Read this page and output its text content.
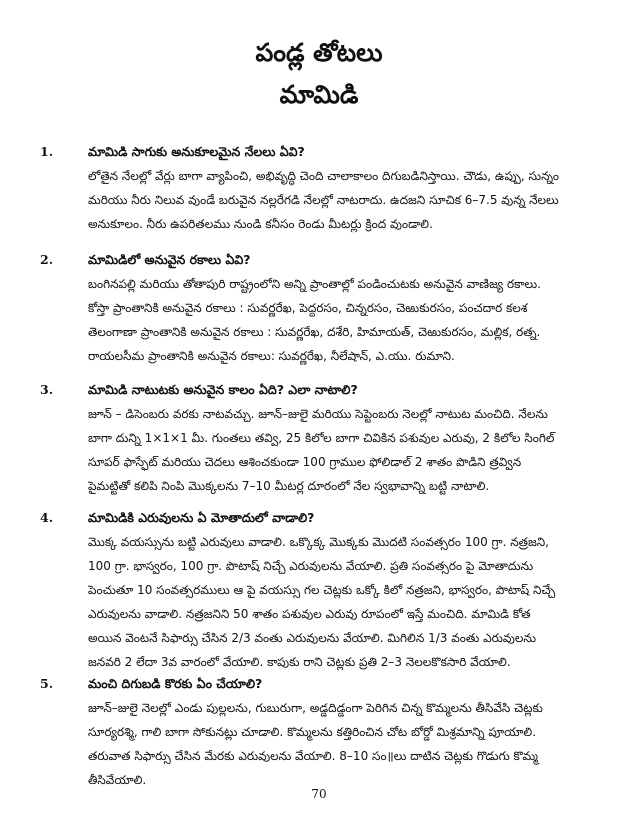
పండ్ల తోటలు
మామిడి
1.	మామిడి సాగుకు అనుకూలమైన నేలలు ఏవి?
లోతైన నేలల్లో వేర్లు బాగా వ్యాపించి, అభివృద్ధి చెంది చాలాకాలం దిగుబడినిస్తాయి. చౌడు, ఉప్పు, సున్నం
మరియు నీరు నిలువ వుండే బరువైన నల్లరేగడి నేలల్లో నాటరాదు. ఉదజని సూచిక 6–7.5 వున్న నేలలు
అనుకూలం. నీరు ఉపరితలము నుండి కనీసం రెండు మీటర్లు క్రింద వుండాలి.
2.	మామిడిలో అనువైన రకాలు ఏవి?
బంగినపల్లి మరియు తోతాపురి రాష్ట్రంలోని అన్ని ప్రాంతాల్లో పండించుటకు అనువైన వాణిజ్య రకాలు.
కోస్తా ప్రాంతానికి అనువైన రకాలు : సువర్ణరేఖ, పెద్దరసం, చిన్నరసం, చెఱుకురసం, పంచదార కలశ
తెలంగాణా ప్రాంతానికి అనువైన రకాలు : సువర్ణరేఖ, దశేరి, హిమాయత్, చెఱుకురసం, మల్లిక, రత్న.
రాయలసీమ ప్రాంతానికి అనువైన రకాలు: సువర్ణరేఖ, నీలేషాన్, ఎ.యు. రుమాని.
3.	మామిడి నాటుటకు అనువైన కాలం ఏది? ఎలా నాటాలి?
జూన్ – డిసెంబరు వరకు నాటవచ్చు. జూన్–జులై మరియు సెప్టెంబరు నెలల్లో నాటుట మంచిది. నేలను
బాగా దున్ని 1×1×1 మీ. గుంతలు తవ్వి, 25 కిలోల బాగా చివికిన పశువుల ఎరువు, 2 కిలోల సింగిల్
సూపర్ ఫాస్ఫేట్ మరియు చెదలు ఆశించకుండా 100 గ్రాముల ఫోలిడాల్ 2 శాతం పొడిని త్రవ్విన
పైమట్టితో కలిపి నింపి మొక్కలను 7–10 మీటర్ల దూరంలో నేల స్వభావాన్ని బట్టి నాటాలి.
4.	మామిడికి ఎరువులను ఏ మోతాదులో వాడాలి?
మొక్క వయస్సును బట్టి ఎరువులు వాడాలి. ఒక్కొక్క మొక్కకు మొదటి సంవత్సరం 100 గ్రా. నత్రజని,
100 గ్రా. భాస్వరం, 100 గ్రా. పొటాష్ నిచ్చే ఎరువులను వేయాలి. ప్రతి సంవత్సరం పై మోతాదును
పెంచుతూ 10 సంవత్సరములు ఆ పై వయస్సు గల చెట్లకు ఒక్కో కిలో నత్రజని, భాస్వరం, పొటాష్ నిచ్చే
ఎరువులను వాడాలి. నత్రజనిని 50 శాతం పశువుల ఎరువు రూపంలో ఇస్తే మంచిది. మామిడి కోత
అయిన వెంటనే సిఫార్సు చేసిన 2/3 వంతు ఎరువులను వేయాలి. మిగిలిన 1/3 వంతు ఎరువులను
జనవరి 2 లేదా 3వ వారంలో వేయాలి. కాపుకు రాని చెట్లకు ప్రతి 2–3 నెలలకొకసారి వేయాలి.
5.	మంచి దిగుబడి కొరకు ఏం చేయాలి?
జూన్–జులై నెలల్లో ఎండు పుల్లలను, గుబురుగా, అడ్డదిడ్డంగా పెరిగిన చిన్న కొమ్మలను తీసివేసి చెట్లకు
సూర్యరశ్మి, గాలి బాగా సోకునట్లు చూడాలి. కొమ్మలను కత్తిరించిన చోట బోర్డో మిశ్రమాన్ని పూయాలి.
తరువాత సిఫార్సు చేసిన మేరకు ఎరువులను వేయాలి. 8–10 సం॥లు దాటిన చెట్లకు గొడుగు కొమ్మ
తీసివేయాలి.
70
